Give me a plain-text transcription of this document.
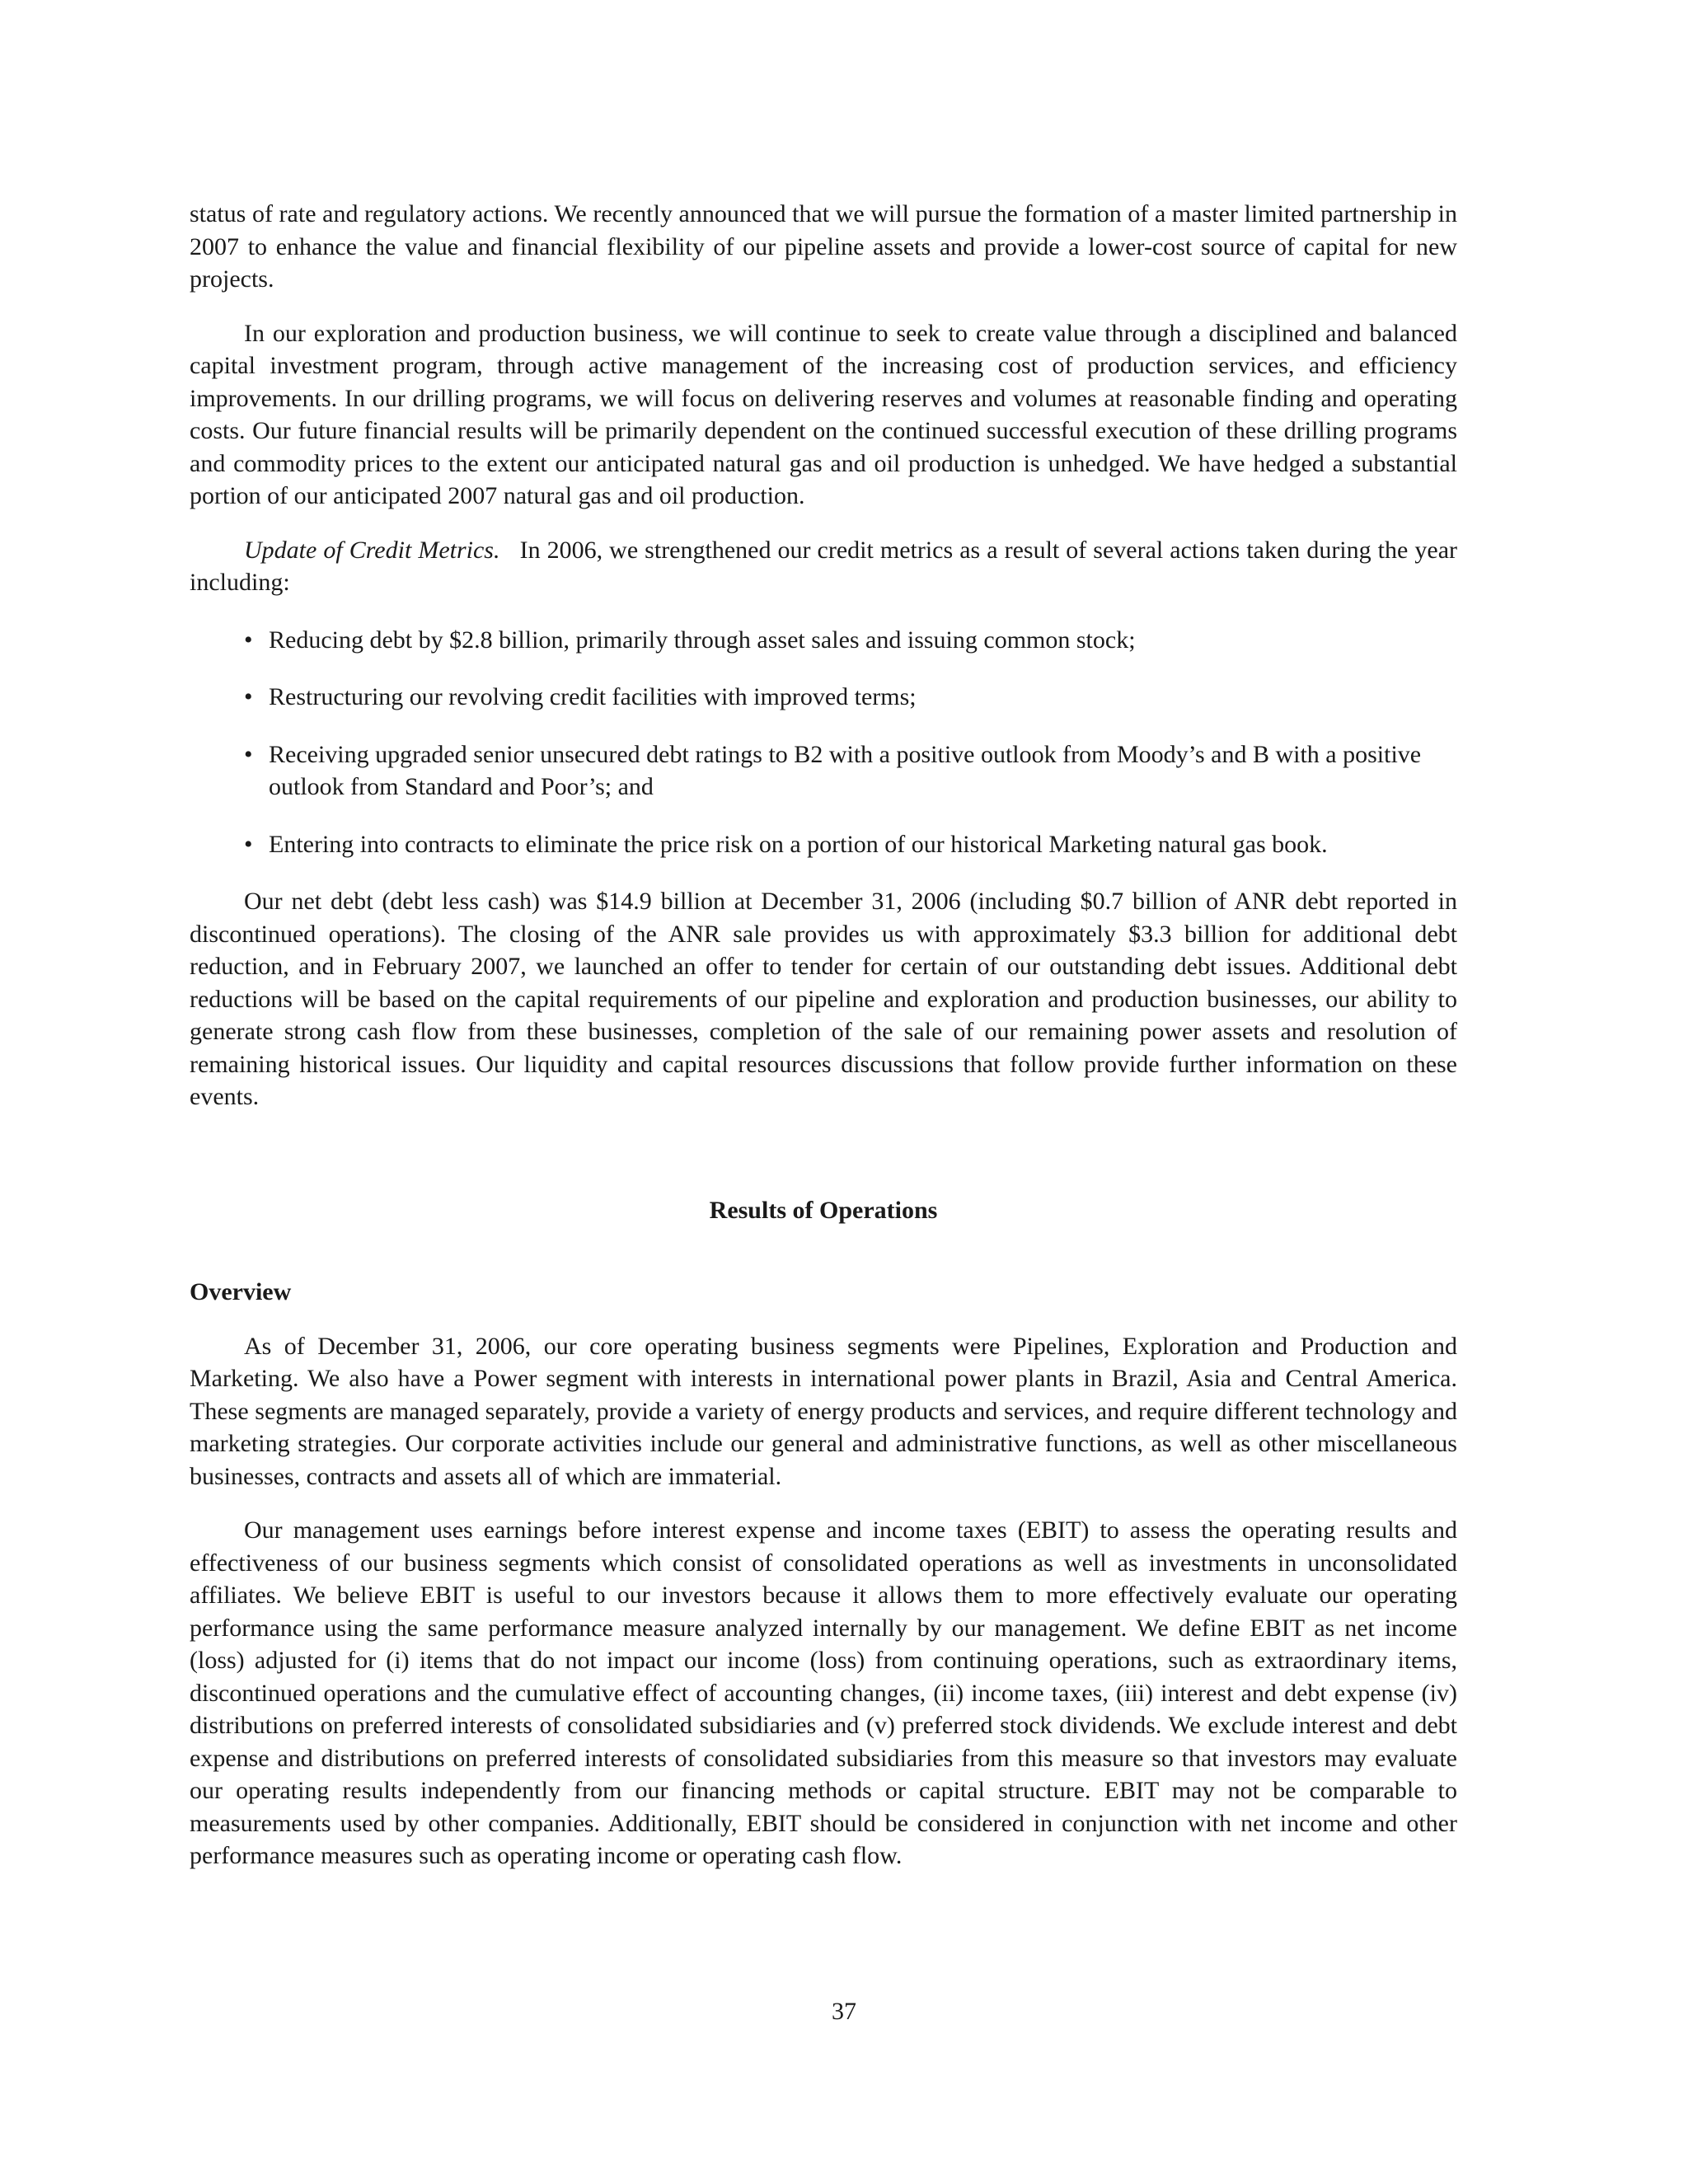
status of rate and regulatory actions. We recently announced that we will pursue the formation of a master limited partnership in 2007 to enhance the value and financial flexibility of our pipeline assets and provide a lower-cost source of capital for new projects.

In our exploration and production business, we will continue to seek to create value through a disciplined and balanced capital investment program, through active management of the increasing cost of production services, and efficiency improvements. In our drilling programs, we will focus on delivering reserves and volumes at reasonable finding and operating costs. Our future financial results will be primarily dependent on the continued successful execution of these drilling programs and commodity prices to the extent our anticipated natural gas and oil production is unhedged. We have hedged a substantial portion of our anticipated 2007 natural gas and oil production.

Update of Credit Metrics. In 2006, we strengthened our credit metrics as a result of several actions taken during the year including:

• Reducing debt by $2.8 billion, primarily through asset sales and issuing common stock;
• Restructuring our revolving credit facilities with improved terms;
• Receiving upgraded senior unsecured debt ratings to B2 with a positive outlook from Moody’s and B with a positive outlook from Standard and Poor’s; and
• Entering into contracts to eliminate the price risk on a portion of our historical Marketing natural gas book.

Our net debt (debt less cash) was $14.9 billion at December 31, 2006 (including $0.7 billion of ANR debt reported in discontinued operations). The closing of the ANR sale provides us with approximately $3.3 billion for additional debt reduction, and in February 2007, we launched an offer to tender for certain of our outstanding debt issues. Additional debt reductions will be based on the capital requirements of our pipeline and exploration and production businesses, our ability to generate strong cash flow from these businesses, completion of the sale of our remaining power assets and resolution of remaining historical issues. Our liquidity and capital resources discussions that follow provide further information on these events.

Results of Operations
Overview

As of December 31, 2006, our core operating business segments were Pipelines, Exploration and Production and Marketing. We also have a Power segment with interests in international power plants in Brazil, Asia and Central America. These segments are managed separately, provide a variety of energy products and services, and require different technology and marketing strategies. Our corporate activities include our general and administrative functions, as well as other miscellaneous businesses, contracts and assets all of which are immaterial.

Our management uses earnings before interest expense and income taxes (EBIT) to assess the operating results and effectiveness of our business segments which consist of consolidated operations as well as investments in unconsolidated affiliates. We believe EBIT is useful to our investors because it allows them to more effectively evaluate our operating performance using the same performance measure analyzed internally by our management. We define EBIT as net income (loss) adjusted for (i) items that do not impact our income (loss) from continuing operations, such as extraordinary items, discontinued operations and the cumulative effect of accounting changes, (ii) income taxes, (iii) interest and debt expense (iv) distributions on preferred interests of consolidated subsidiaries and (v) preferred stock dividends. We exclude interest and debt expense and distributions on preferred interests of consolidated subsidiaries from this measure so that investors may evaluate our operating results independently from our financing methods or capital structure. EBIT may not be comparable to measurements used by other companies. Additionally, EBIT should be considered in conjunction with net income and other performance measures such as operating income or operating cash flow.

37
